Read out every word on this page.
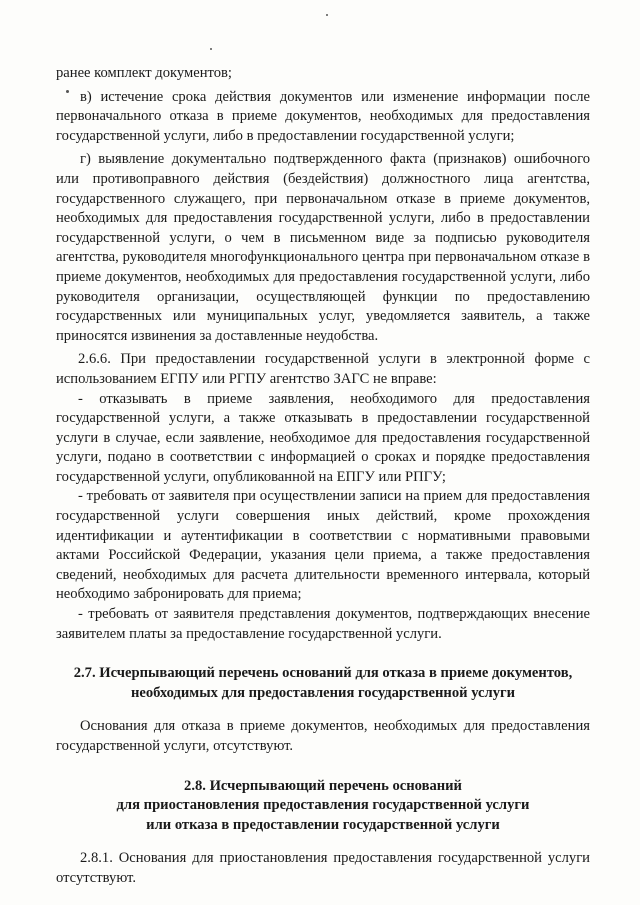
ранее комплект документов;

в) истечение срока действия документов или изменение информации после первоначального отказа в приеме документов, необходимых для предоставления государственной услуги, либо в предоставлении государственной услуги;

г) выявление документально подтвержденного факта (признаков) ошибочного или противоправного действия (бездействия) должностного лица агентства, государственного служащего, при первоначальном отказе в приеме документов, необходимых для предоставления государственной услуги, либо в предоставлении государственной услуги, о чем в письменном виде за подписью руководителя агентства, руководителя многофункционального центра при первоначальном отказе в приеме документов, необходимых для предоставления государственной услуги, либо руководителя организации, осуществляющей функции по предоставлению государственных или муниципальных услуг, уведомляется заявитель, а также приносятся извинения за доставленные неудобства.

2.6.6. При предоставлении государственной услуги в электронной форме с использованием ЕГПУ или РГПУ агентство ЗАГС не вправе:

- отказывать в приеме заявления, необходимого для предоставления государственной услуги, а также отказывать в предоставлении государственной услуги в случае, если заявление, необходимое для предоставления государственной услуги, подано в соответствии с информацией о сроках и порядке предоставления государственной услуги, опубликованной на ЕПГУ или РПГУ;

- требовать от заявителя при осуществлении записи на прием для предоставления государственной услуги совершения иных действий, кроме прохождения идентификации и аутентификации в соответствии с нормативными правовыми актами Российской Федерации, указания цели приема, а также предоставления сведений, необходимых для расчета длительности временного интервала, который необходимо забронировать для приема;

- требовать от заявителя представления документов, подтверждающих внесение заявителем платы за предоставление государственной услуги.

2.7. Исчерпывающий перечень оснований для отказа в приеме документов,

необходимых для предоставления государственной услуги

Основания для отказа в приеме документов, необходимых для предоставления государственной услуги, отсутствуют.

2.8. Исчерпывающий перечень оснований

для приостановления предоставления государственной услуги

или отказа в предоставлении государственной услуги

2.8.1. Основания для приостановления предоставления государственной услуги отсутствуют.
